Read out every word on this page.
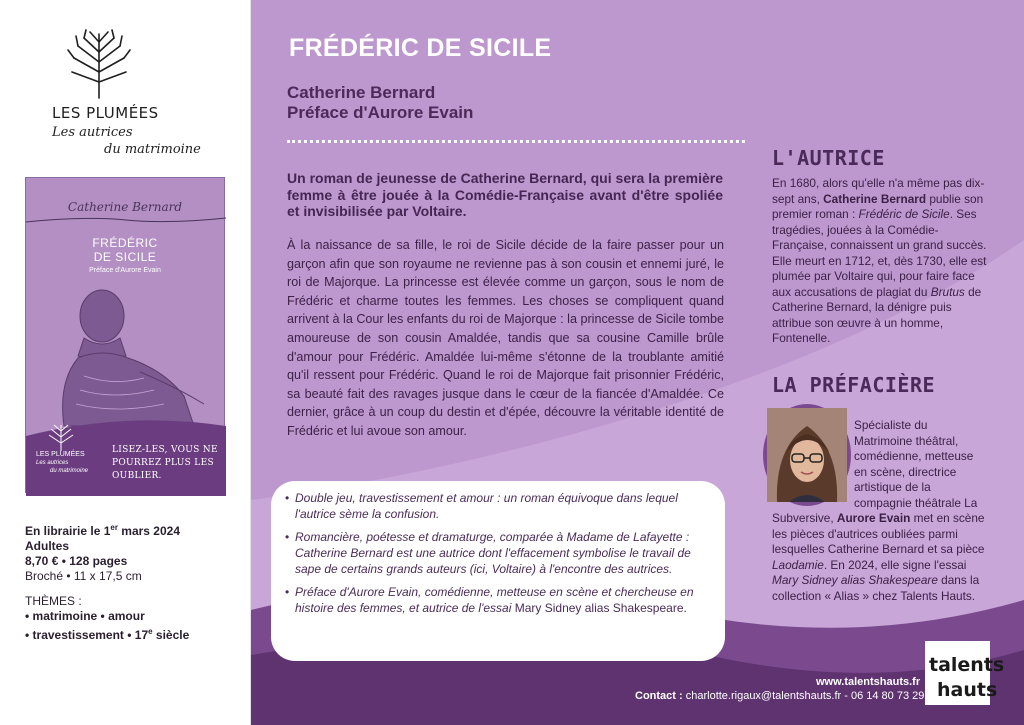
LES PLUMÉES
Les autrices
du matrimoine
Catherine Bernard
FRÉDÉRIC
DE SICILE
Préface d'Aurore Evain
LES PLUMÉES
Les autrices
du matrimoine
LISEZ-LES, VOUS NE
POURREZ PLUS LES OUBLIER.
En librairie le 1er mars 2024
Adultes
8,70 € • 128 pages
Broché • 11 x 17,5 cm
THÈMES :
• matrimoine • amour
• travestissement • 17e siècle
FRÉDÉRIC DE SICILE
Catherine Bernard
Préface d'Aurore Evain
Un roman de jeunesse de Catherine Bernard, qui sera la première femme à être jouée à la Comédie-Française avant d'être spoliée et invisibilisée par Voltaire.
À la naissance de sa fille, le roi de Sicile décide de la faire passer pour un garçon afin que son royaume ne revienne pas à son cousin et ennemi juré, le roi de Majorque. La princesse est élevée comme un garçon, sous le nom de Frédéric et charme toutes les femmes. Les choses se compliquent quand arrivent à la Cour les enfants du roi de Majorque : la princesse de Sicile tombe amoureuse de son cousin Amaldée, tandis que sa cousine Camille brûle d'amour pour Frédéric. Amaldée lui-même s'étonne de la troublante amitié qu'il ressent pour Frédéric. Quand le roi de Majorque fait prisonnier Frédéric, sa beauté fait des ravages jusque dans le cœur de la fiancée d'Amaldée. Ce dernier, grâce à un coup du destin et d'épée, découvre la véritable identité de Frédéric et lui avoue son amour.
• Double jeu, travestissement et amour : un roman équivoque dans lequel l'autrice sème la confusion.
• Romancière, poétesse et dramaturge, comparée à Madame de Lafayette : Catherine Bernard est une autrice dont l'effacement symbolise le travail de sape de certains grands auteurs (ici, Voltaire) à l'encontre des autrices.
• Préface d'Aurore Evain, comédienne, metteuse en scène et chercheuse en histoire des femmes, et autrice de l'essai Mary Sidney alias Shakespeare.
L'AUTRICE
En 1680, alors qu'elle n'a même pas dix-sept ans, Catherine Bernard publie son premier roman : Frédéric de Sicile. Ses tragédies, jouées à la Comédie-Française, connaissent un grand succès. Elle meurt en 1712, et, dès 1730, elle est plumée par Voltaire qui, pour faire face aux accusations de plagiat du Brutus de Catherine Bernard, la dénigre puis attribue son œuvre à un homme, Fontenelle.
LA PRÉFACIÈRE
Spécialiste du Matrimoine théâtral, comédienne, metteuse en scène, directrice artistique de la compagnie théâtrale La Subversive, Aurore Evain met en scène les pièces d'autrices oubliées parmi lesquelles Catherine Bernard et sa pièce Laodamie. En 2024, elle signe l'essai Mary Sidney alias Shakespeare dans la collection « Alias » chez Talents Hauts.
www.talentshauts.fr
Contact : charlotte.rigaux@talentshauts.fr - 06 14 80 73 29
talents
hauts
